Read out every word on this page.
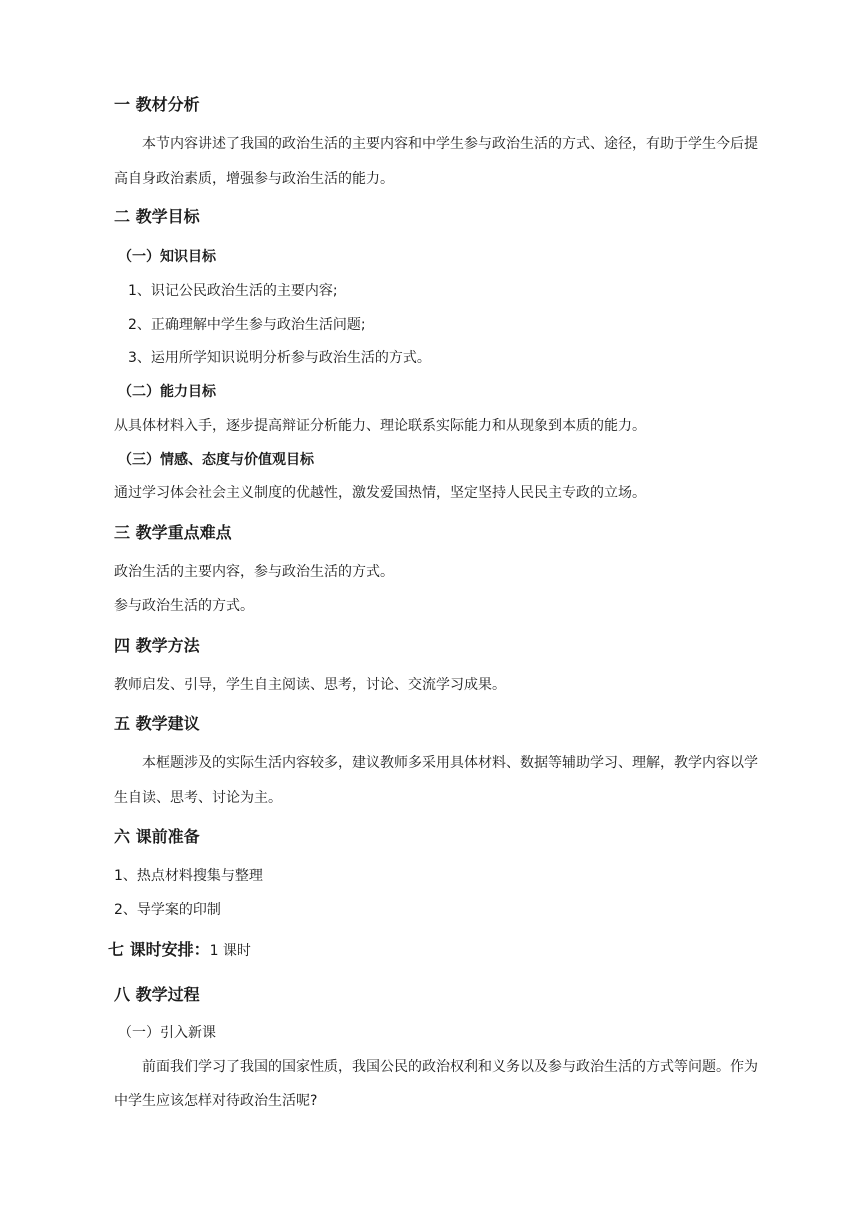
一 教材分析
本节内容讲述了我国的政治生活的主要内容和中学生参与政治生活的方式、途径，有助于学生今后提
高自身政治素质，增强参与政治生活的能力。
二 教学目标
（一）知识目标
1、识记公民政治生活的主要内容;
2、正确理解中学生参与政治生活问题;
3、运用所学知识说明分析参与政治生活的方式。
（二）能力目标
从具体材料入手，逐步提高辩证分析能力、理论联系实际能力和从现象到本质的能力。
（三）情感、态度与价值观目标
通过学习体会社会主义制度的优越性，激发爱国热情，坚定坚持人民民主专政的立场。
三 教学重点难点
政治生活的主要内容，参与政治生活的方式。
参与政治生活的方式。
四 教学方法
教师启发、引导，学生自主阅读、思考，讨论、交流学习成果。
五 教学建议
本框题涉及的实际生活内容较多，建议教师多采用具体材料、数据等辅助学习、理解，教学内容以学
生自读、思考、讨论为主。
六 课前准备
1、热点材料搜集与整理
2、导学案的印制
七 课时安排：1 课时
八 教学过程
（一）引入新课
前面我们学习了我国的国家性质，我国公民的政治权利和义务以及参与政治生活的方式等问题。作为
中学生应该怎样对待政治生活呢?
